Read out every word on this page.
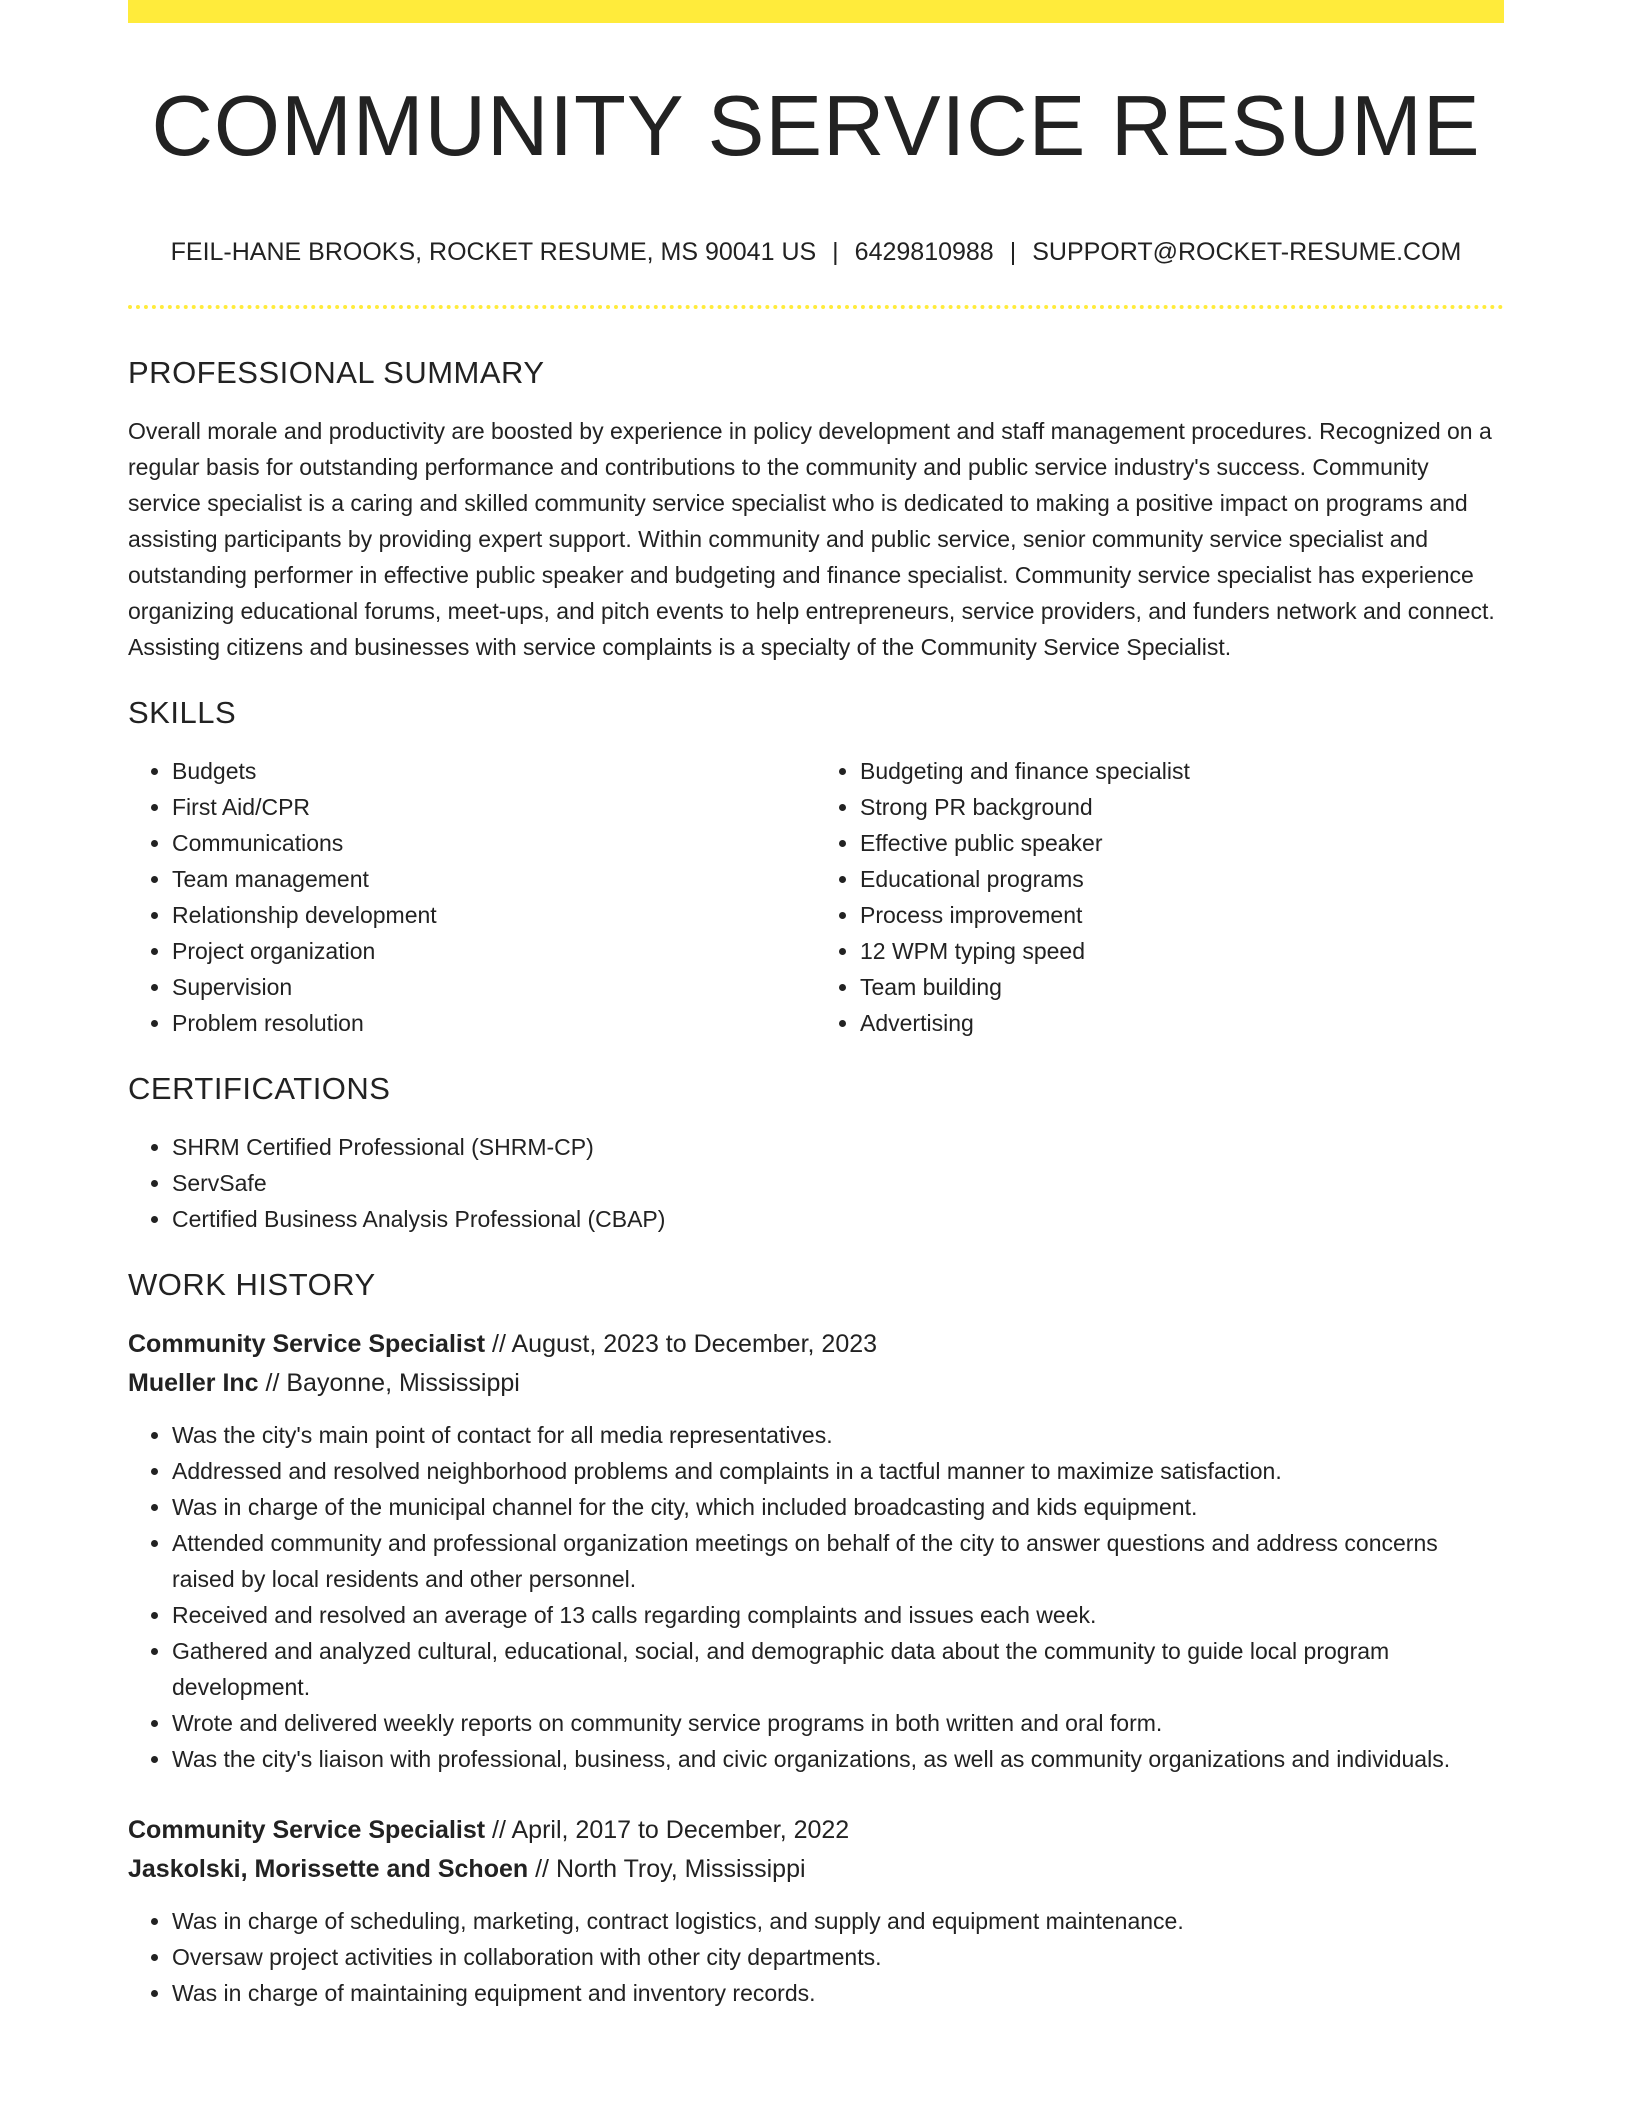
COMMUNITY SERVICE RESUME
FEIL-HANE BROOKS, ROCKET RESUME, MS 90041 US | 6429810988 | SUPPORT@ROCKET-RESUME.COM
PROFESSIONAL SUMMARY

Overall morale and productivity are boosted by experience in policy development and staff management procedures. Recognized on a regular basis for outstanding performance and contributions to the community and public service industry's success. Community service specialist is a caring and skilled community service specialist who is dedicated to making a positive impact on programs and assisting participants by providing expert support. Within community and public service, senior community service specialist and outstanding performer in effective public speaker and budgeting and finance specialist. Community service specialist has experience organizing educational forums, meet-ups, and pitch events to help entrepreneurs, service providers, and funders network and connect. Assisting citizens and businesses with service complaints is a specialty of the Community Service Specialist.

SKILLS
• Budgets
• First Aid/CPR
• Communications
• Team management
• Relationship development
• Project organization
• Supervision
• Problem resolution
• Budgeting and finance specialist
• Strong PR background
• Effective public speaker
• Educational programs
• Process improvement
• 12 WPM typing speed
• Team building
• Advertising
CERTIFICATIONS
• SHRM Certified Professional (SHRM-CP)
• ServSafe
• Certified Business Analysis Professional (CBAP)
WORK HISTORY
Community Service Specialist // August, 2023 to December, 2023
Mueller Inc // Bayonne, Mississippi
• Was the city's main point of contact for all media representatives.
• Addressed and resolved neighborhood problems and complaints in a tactful manner to maximize satisfaction.
• Was in charge of the municipal channel for the city, which included broadcasting and kids equipment.
• Attended community and professional organization meetings on behalf of the city to answer questions and address concerns raised by local residents and other personnel.
• Received and resolved an average of 13 calls regarding complaints and issues each week.
• Gathered and analyzed cultural, educational, social, and demographic data about the community to guide local program development.
• Wrote and delivered weekly reports on community service programs in both written and oral form.
• Was the city's liaison with professional, business, and civic organizations, as well as community organizations and individuals.
Community Service Specialist // April, 2017 to December, 2022
Jaskolski, Morissette and Schoen // North Troy, Mississippi
• Was in charge of scheduling, marketing, contract logistics, and supply and equipment maintenance.
• Oversaw project activities in collaboration with other city departments.
• Was in charge of maintaining equipment and inventory records.
